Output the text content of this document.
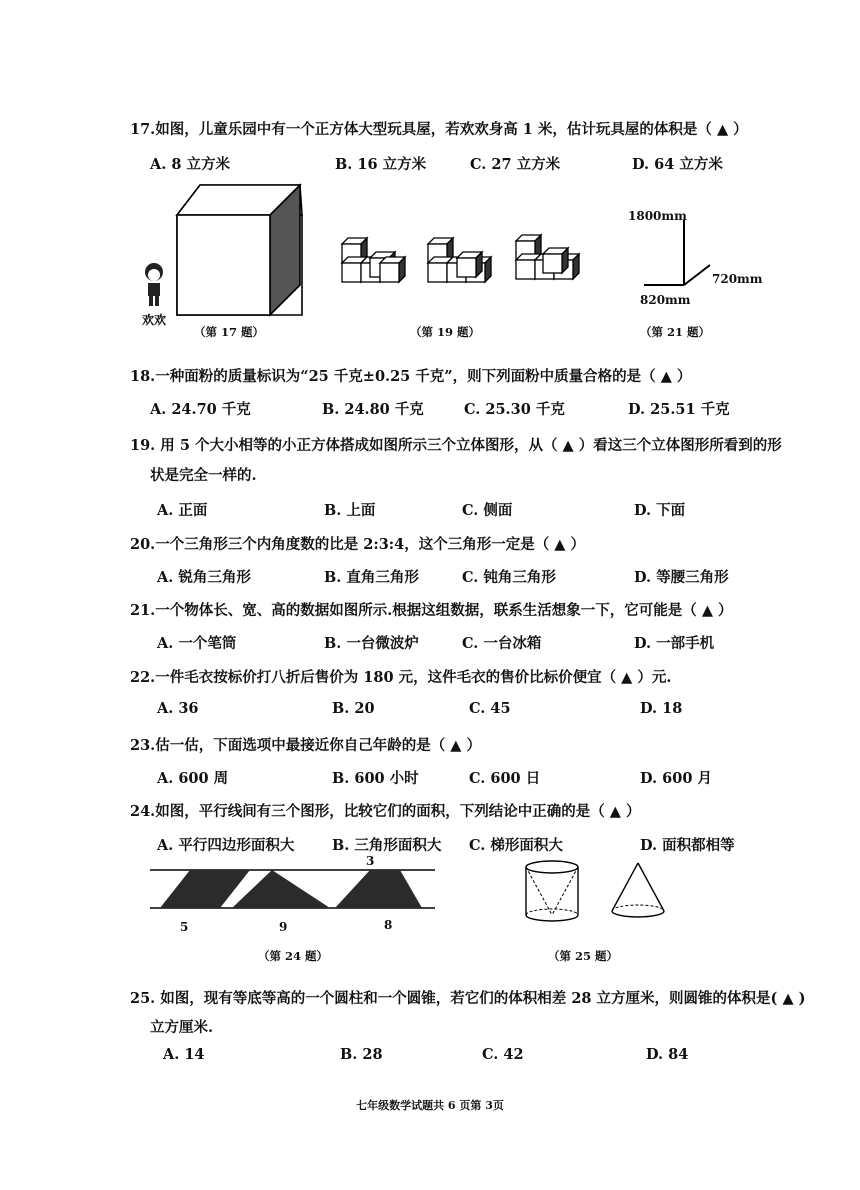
17.如图，儿童乐园中有一个正方体大型玩具屋，若欢欢身高 1 米，估计玩具屋的体积是（ ▲ ）
A. 8 立方米	B. 16 立方米	C. 27 立方米	D. 64 立方米
欢欢
（第 17 题）	（第 19 题）
1800mm
720mm
820mm
（第 21 题）
18.一种面粉的质量标识为“25 千克±0.25 千克”，则下列面粉中质量合格的是（ ▲ ）
A. 24.70 千克	B. 24.80 千克	C. 25.30 千克	D. 25.51 千克
19. 用 5 个大小相等的小正方体搭成如图所示三个立体图形，从（ ▲ ）看这三个立体图形所看到的形
状是完全一样的.
A. 正面	B. 上面	C. 侧面	D. 下面
20.一个三角形三个内角度数的比是 2:3:4，这个三角形一定是（ ▲ ）
A. 锐角三角形	B. 直角三角形	C. 钝角三角形	D. 等腰三角形
21.一个物体长、宽、高的数据如图所示.根据这组数据，联系生活想象一下，它可能是（ ▲ ）
A. 一个笔筒	B. 一台微波炉	C. 一台冰箱	D. 一部手机
22.一件毛衣按标价打八折后售价为 180 元，这件毛衣的售价比标价便宜（ ▲ ）元.
A. 36	B. 20	C. 45	D. 18
23.估一估，下面选项中最接近你自己年龄的是（ ▲ ）
A. 600 周	B. 600 小时	C. 600 日	D. 600 月
24.如图，平行线间有三个图形，比较它们的面积，下列结论中正确的是（ ▲ ）
A. 平行四边形面积大	B. 三角形面积大 C. 梯形面积大	D. 面积都相等
3
5	9	8
（第 24 题）	（第 25 题）
25. 如图，现有等底等高的一个圆柱和一个圆锥，若它们的体积相差 28 立方厘米，则圆锥的体积是( ▲ )
立方厘米.
A. 14	B. 28	C. 42	D. 84
七年级数学试题共 6 页第 3页
